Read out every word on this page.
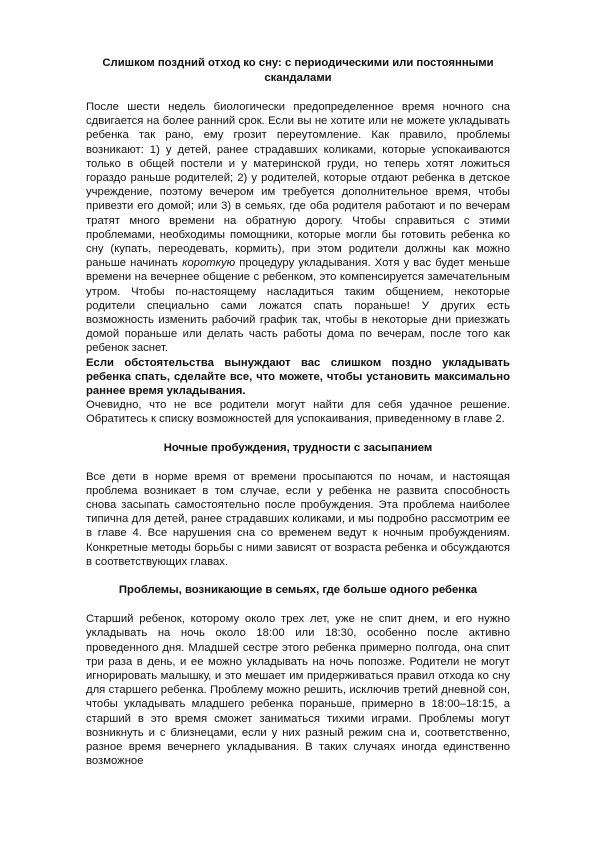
Слишком поздний отход ко сну: с периодическими или постоянными скандалами

После шести недель биологически предопределенное время ночного сна сдвигается на более ранний срок. Если вы не хотите или не можете укладывать ребенка так рано, ему грозит переутомление. Как правило, проблемы возникают: 1) у детей, ранее страдавших коликами, которые успокаиваются только в общей постели и у материнской груди, но теперь хотят ложиться гораздо раньше родителей; 2) у родителей, которые отдают ребенка в детское учреждение, поэтому вечером им требуется дополнительное время, чтобы привезти его домой; или 3) в семьях, где оба родителя работают и по вечерам тратят много времени на обратную дорогу. Чтобы справиться с этими проблемами, необходимы помощники, которые могли бы готовить ребенка ко сну (купать, переодевать, кормить), при этом родители должны как можно раньше начинать короткую процедуру укладывания. Хотя у вас будет меньше времени на вечернее общение с ребенком, это компенсируется замечательным утром. Чтобы по-настоящему насладиться таким общением, некоторые родители специально сами ложатся спать пораньше! У других есть возможность изменить рабочий график так, чтобы в некоторые дни приезжать домой пораньше или делать часть работы дома по вечерам, после того как ребенок заснет.

Если обстоятельства вынуждают вас слишком поздно укладывать ребенка спать, сделайте все, что можете, чтобы установить максимально раннее время укладывания.

Очевидно, что не все родители могут найти для себя удачное решение. Обратитесь к списку возможностей для успокаивания, приведенному в главе 2.

Ночные пробуждения, трудности с засыпанием

Все дети в норме время от времени просыпаются по ночам, и настоящая проблема возникает в том случае, если у ребенка не развита способность снова засыпать самостоятельно после пробуждения. Эта проблема наиболее типична для детей, ранее страдавших коликами, и мы подробно рассмотрим ее в главе 4. Все нарушения сна со временем ведут к ночным пробуждениям. Конкретные методы борьбы с ними зависят от возраста ребенка и обсуждаются в соответствующих главах.

Проблемы, возникающие в семьях, где больше одного ребенка

Старший ребенок, которому около трех лет, уже не спит днем, и его нужно укладывать на ночь около 18:00 или 18:30, особенно после активно проведенного дня. Младшей сестре этого ребенка примерно полгода, она спит три раза в день, и ее можно укладывать на ночь попозже. Родители не могут игнорировать малышку, и это мешает им придерживаться правил отхода ко сну для старшего ребенка. Проблему можно решить, исключив третий дневной сон, чтобы укладывать младшего ребенка пораньше, примерно в 18:00–18:15, а старший в это время сможет заниматься тихими играми. Проблемы могут возникнуть и с близнецами, если у них разный режим сна и, соответственно, разное время вечернего укладывания. В таких случаях иногда единственно возможное
